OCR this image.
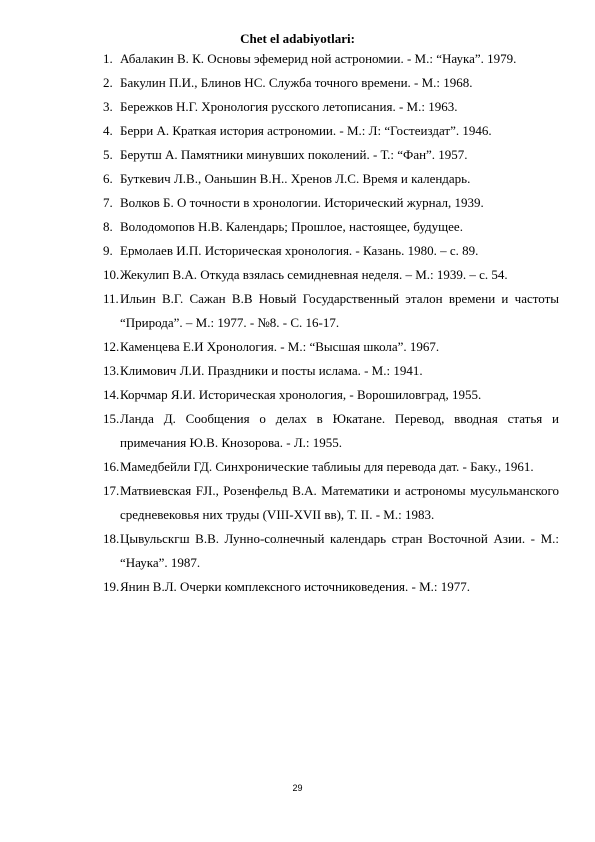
Chet el adabiyotlari:
1. Абалакин В. К. Основы эфемерид ной астрономии. - М.: “Наука”. 1979.
2. Бакулин П.И., Блинов НС. Служба точного времени. - М.: 1968.
3. Бережков Н.Г. Хронология русского летописания. - М.: 1963.
4. Берри А. Краткая история астрономии. - М.: Л: “Гостеиздат”. 1946.
5. Берутш А. Памятники минувших поколений. - Т.: “Фан”. 1957.
6. Буткевич Л.В., Оаньшин В.Н.. Хренов Л.С. Время и календарь.
7. Волков Б. О точности в хронологии. Исторический журнал, 1939.
8. Володомопов Н.В. Календарь; Прошлое, настоящее, будущее.
9. Ермолаев И.П. Историческая хронология. - Казань. 1980. – с. 89.
10. Жекулип В.А. Откуда взялась семидневная неделя. – М.: 1939. – с. 54.
11. Ильин В.Г. Сажан В.В Новый Государственный эталон времени и частоты “Природа”. – М.: 1977. - №8. - С. 16-17.
12. Каменцева Е.И Хронология. - М.: “Высшая школа”. 1967.
13. Климович Л.И. Праздники и посты ислама. - М.: 1941.
14. Корчмар Я.И. Историческая хронология, - Ворошиловград, 1955.
15. Ланда Д. Сообщения о делах в Юкатане. Перевод, вводная статья и примечания Ю.В. Кнозорова. - Л.: 1955.
16. Мамедбейли ГД. Синхронические таблиыы для перевода дат. - Баку., 1961.
17. Матвиевская FJI., Розенфельд В.А. Математики и астрономы мусульманского средневековья них труды (VIII-XVII вв), Т. II. - М.: 1983.
18. Цывульскгш В.В. Лунно-солнечный календарь стран Восточной Азии. - М.: “Наука”. 1987.
19. Янин В.Л. Очерки комплексного источниковедения. - М.: 1977.
29
